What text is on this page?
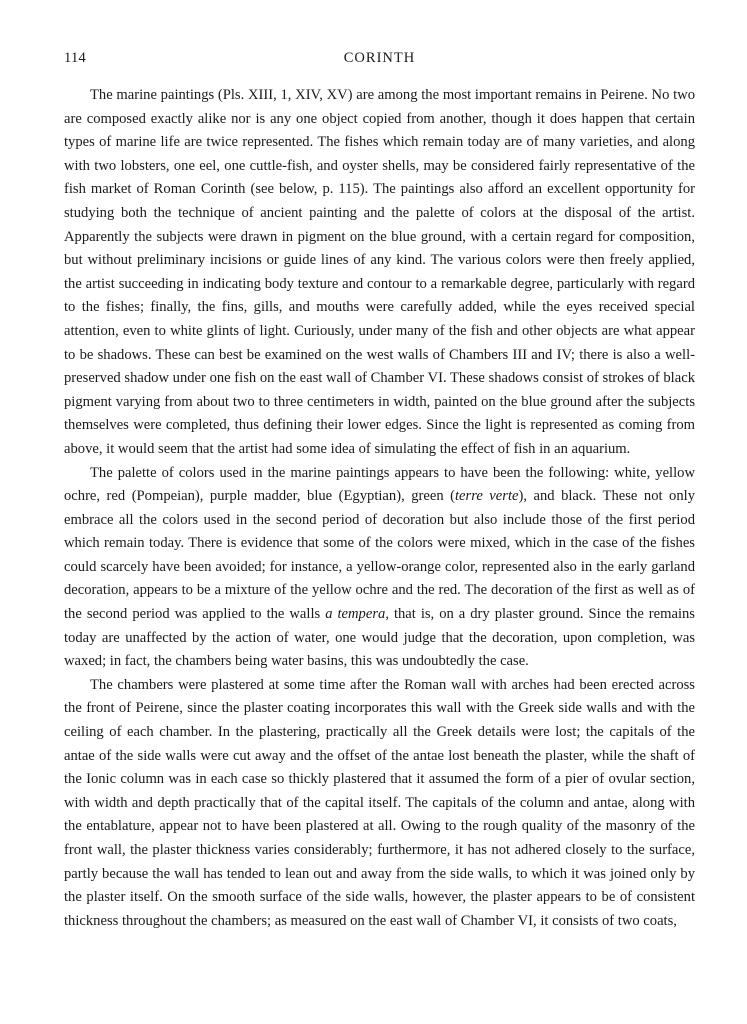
114	CORINTH

The marine paintings (Pls. XIII, 1, XIV, XV) are among the most important remains in Peirene. No two are composed exactly alike nor is any one object copied from another, though it does happen that certain types of marine life are twice represented. The fishes which remain today are of many varieties, and along with two lobsters, one eel, one cuttle-fish, and oyster shells, may be considered fairly representative of the fish market of Roman Corinth (see below, p. 115). The paintings also afford an excellent opportunity for studying both the technique of ancient painting and the palette of colors at the disposal of the artist. Apparently the subjects were drawn in pigment on the blue ground, with a certain regard for composition, but without preliminary incisions or guide lines of any kind. The various colors were then freely applied, the artist succeeding in indicating body texture and contour to a remarkable degree, particularly with regard to the fishes; finally, the fins, gills, and mouths were carefully added, while the eyes received special attention, even to white glints of light. Curiously, under many of the fish and other objects are what appear to be shadows. These can best be examined on the west walls of Chambers III and IV; there is also a well-preserved shadow under one fish on the east wall of Chamber VI. These shadows consist of strokes of black pigment varying from about two to three centimeters in width, painted on the blue ground after the subjects themselves were completed, thus defining their lower edges. Since the light is represented as coming from above, it would seem that the artist had some idea of simulating the effect of fish in an aquarium.

The palette of colors used in the marine paintings appears to have been the following: white, yellow ochre, red (Pompeian), purple madder, blue (Egyptian), green (terre verte), and black. These not only embrace all the colors used in the second period of decoration but also include those of the first period which remain today. There is evidence that some of the colors were mixed, which in the case of the fishes could scarcely have been avoided; for instance, a yellow-orange color, represented also in the early garland decoration, appears to be a mixture of the yellow ochre and the red. The decoration of the first as well as of the second period was applied to the walls a tempera, that is, on a dry plaster ground. Since the remains today are unaffected by the action of water, one would judge that the decoration, upon completion, was waxed; in fact, the chambers being water basins, this was undoubtedly the case.

The chambers were plastered at some time after the Roman wall with arches had been erected across the front of Peirene, since the plaster coating incorporates this wall with the Greek side walls and with the ceiling of each chamber. In the plastering, practically all the Greek details were lost; the capitals of the antae of the side walls were cut away and the offset of the antae lost beneath the plaster, while the shaft of the Ionic column was in each case so thickly plastered that it assumed the form of a pier of ovular section, with width and depth practically that of the capital itself. The capitals of the column and antae, along with the entablature, appear not to have been plastered at all. Owing to the rough quality of the masonry of the front wall, the plaster thickness varies considerably; furthermore, it has not adhered closely to the surface, partly because the wall has tended to lean out and away from the side walls, to which it was joined only by the plaster itself. On the smooth surface of the side walls, however, the plaster appears to be of consistent thickness throughout the chambers; as measured on the east wall of Chamber VI, it consists of two coats,
